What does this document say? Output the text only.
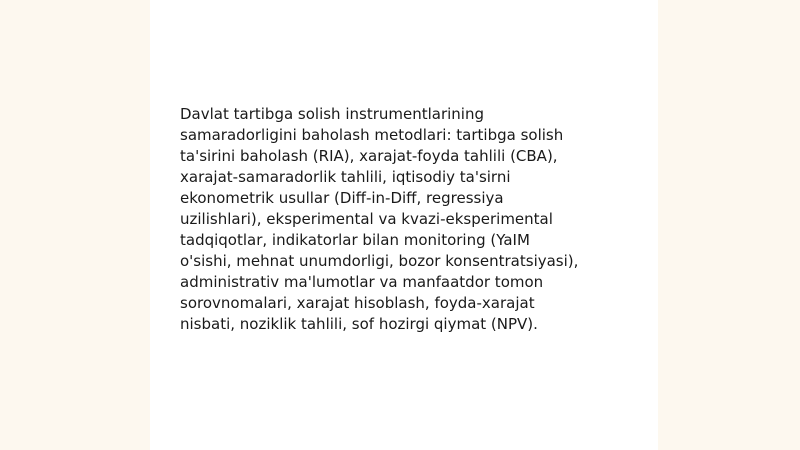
Davlat tartibga solish instrumentlarining
samaradorligini baholash metodlari: tartibga solish
ta'sirini baholash (RIA), xarajat-foyda tahlili (CBA),
xarajat-samaradorlik tahlili, iqtisodiy ta'sirni
ekonometrik usullar (Diff-in-Diff, regressiya
uzilishlari), eksperimental va kvazi-eksperimental
tadqiqotlar, indikatorlar bilan monitoring (YaIM
o'sishi, mehnat unumdorligi, bozor konsentratsiyasi),
administrativ ma'lumotlar va manfaatdor tomon
sorovnomalari, xarajat hisoblash, foyda-xarajat
nisbati, noziklik tahlili, sof hozirgi qiymat (NPV).
